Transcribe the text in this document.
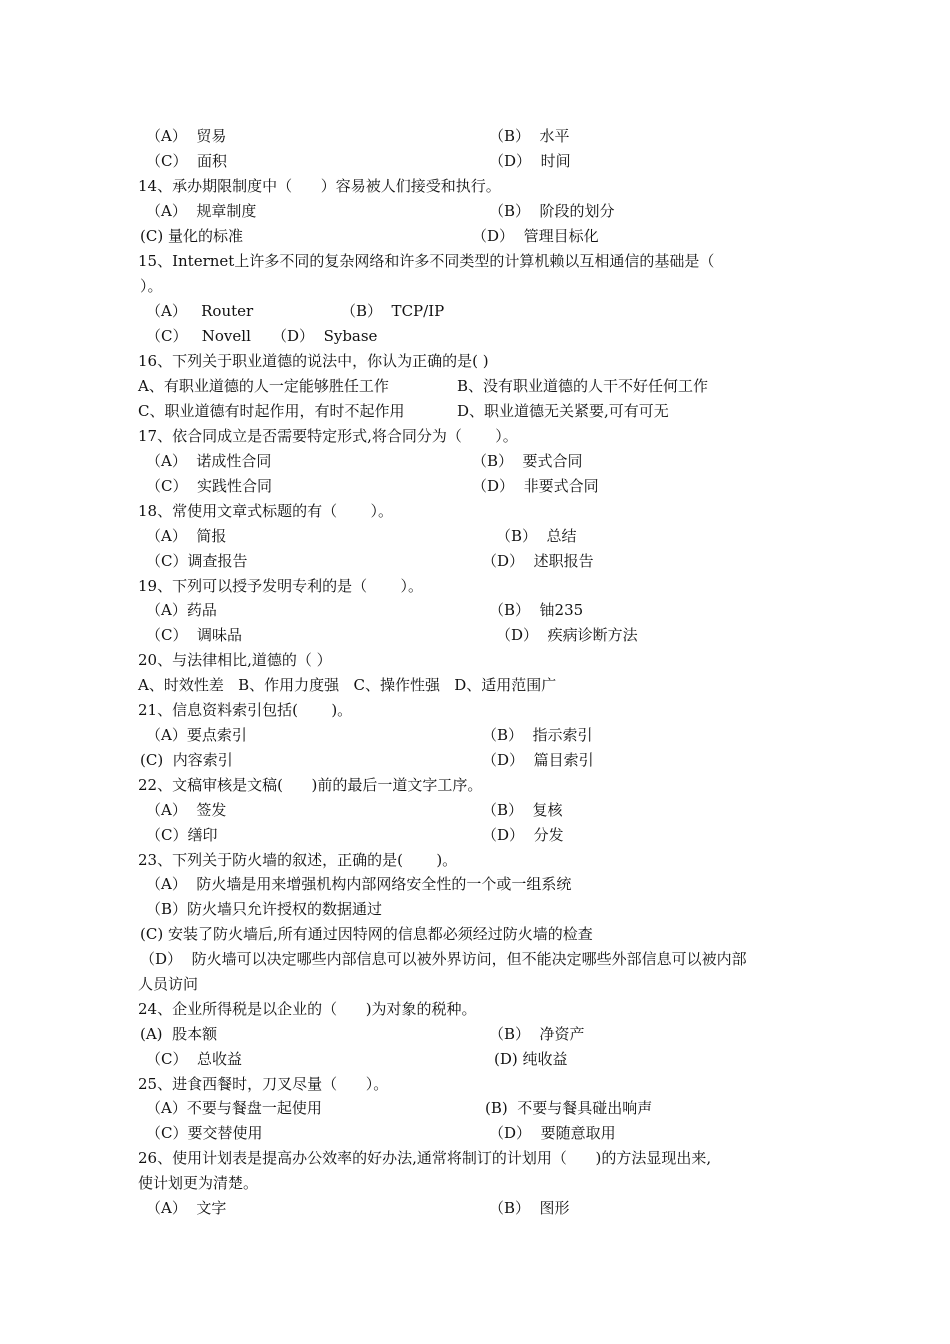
（A）  贸易	（B）  水平
（C）  面积	（D）  时间
14、承办期限制度中（      ）容易被人们接受和执行。
（A）  规章制度	（B）  阶段的划分
(C) 量化的标准	（D）  管理目标化
15、Internet上许多不同的复杂网络和许多不同类型的计算机赖以互相通信的基础是（
）。
（A）   Router	（B）  TCP/IP
（C）   Novell （D）  Sybase
16、下列关于职业道德的说法中，你认为正确的是( )
A、有职业道德的人一定能够胜任工作	B、没有职业道德的人干不好任何工作
C、职业道德有时起作用，有时不起作用	D、职业道德无关紧要,可有可无
17、依合同成立是否需要特定形式,将合同分为（       ）。
（A）  诺成性合同	（B）  要式合同
（C）  实践性合同	（D）  非要式合同
18、常使用文章式标题的有（       ）。
（A）  简报	（B）  总结
（C）调查报告	（D）  述职报告
19、下列可以授予发明专利的是（       ）。
（A）药品	（B）  铀235
（C）  调味品	（D）  疾病诊断方法
20、与法律相比,道德的（ ）
A、时效性差   B、作用力度强   C、操作性强   D、适用范围广
21、信息资料索引包括(       )。
（A）要点索引	（B）  指示索引
(C)  内容索引	（D）  篇目索引
22、文稿审核是文稿(      )前的最后一道文字工序。
（A）  签发	（B）  复核
（C）缮印	（D）  分发
23、下列关于防火墙的叙述，正确的是(       )。
（A）  防火墙是用来增强机构内部网络安全性的一个或一组系统
（B）防火墙只允许授权的数据通过
(C) 安装了防火墙后,所有通过因特网的信息都必须经过防火墙的检查
（D）  防火墙可以决定哪些内部信息可以被外界访问，但不能决定哪些外部信息可以被内部
人员访问
24、企业所得税是以企业的（      )为对象的税种。
(A)  股本额	（B）  净资产
（C）  总收益	(D) 纯收益
25、进食西餐时，刀叉尽量（      ）。
（A）不要与餐盘一起使用	(B)  不要与餐具碰出响声
（C）要交替使用	（D）  要随意取用
26、使用计划表是提高办公效率的好办法,通常将制订的计划用（      )的方法显现出来,
使计划更为清楚。
（A）  文字	（B）  图形
